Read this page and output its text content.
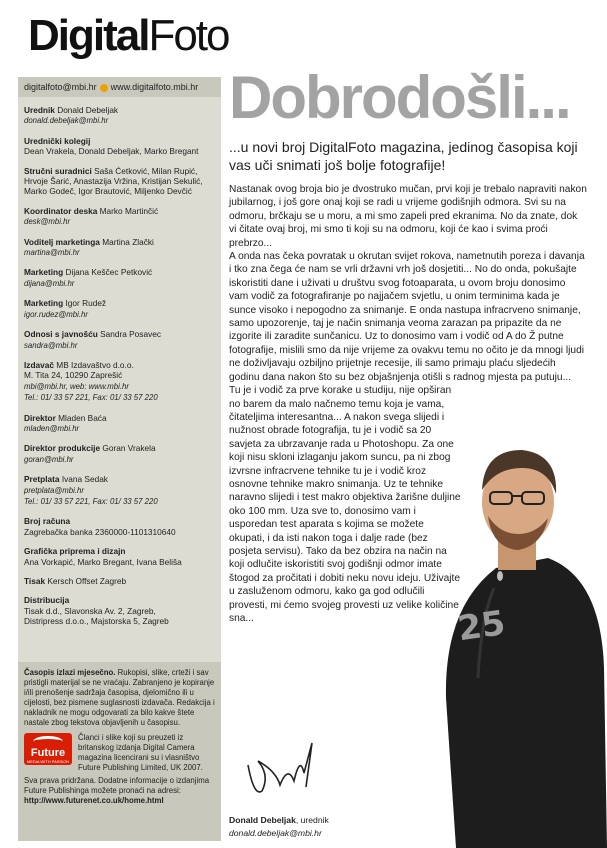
DigitalFoto
digitalfoto@mbi.hr www.digitalfoto.mbi.hr
Urednik Donald Debeljak
donald.debeljak@mbi.hr
Urednički kolegij
Dean Vrakela, Donald Debeljak, Marko Bregant
Stručni suradnici Saša Ćetković, Milan Rupić, Hrvoje Šarić, Anastazija Vržina, Kristijan Sekulić, Marko Godeč, Igor Brautović, Miljenko Devčić
Koordinator deska Marko Martinčić
desk@mbi.hr
Voditelj marketinga Martina Zlački
martina@mbi.hr
Marketing Dijana Keščec Petković
dijana@mbi.hr
Marketing Igor Rudež
igor.rudez@mbi.hr
Odnosi s javnošću Sandra Posavec
sandra@mbi.hr
Izdavač MB Izdavaštvo d.o.o.
M. Tita 24, 10290 Zaprešić
mbi@mbi.hr, web: www.mbi.hr
Tel.: 01/ 33 57 221, Fax: 01/ 33 57 220
Direktor Mladen Baća
mladen@mbi.hr
Direktor produkcije Goran Vrakela
goran@mbi.hr
Pretplata Ivana Sedak
pretplata@mbi.hr
Tel.: 01/ 33 57 221, Fax: 01/ 33 57 220
Broj računa
Zagrebačka banka 2360000-1101310640
Grafička priprema i dizajn
Ana Vorkapić, Marko Bregant, Ivana Beliša
Tisak Kersch Offset Zagreb
Distribucija
Tisak d.d., Slavonska Av. 2, Zagreb,
Distripress d.o.o., Majstorska 5, Zagreb
Časopis izlazi mjesečno. Rukopisi, slike, crteži i sav pristigli materijal se ne vraćaju. Zabranjeno je kopiranje i/ili prenošenje sadržaja časopisa, djelomično ili u cijelosti, bez pismene suglasnosti izdavača. Redakcija i nakladnik ne mogu odgovarati za bilo kakve štete nastale zbog tekstova objavljenih u časopisu.
Future
MEDIA WITH PASSION
Članci i slike koji su preuzeti iz britanskog izdanja Digital Camera magazina licencirani su i vlasništvo Future Publishing Limited, UK 2007.
Sva prava pridržana. Dodatne informacije o izdanjima Future Publishinga možete pronaći na adresi:
http://www.futurenet.co.uk/home.html
Dobrodošli...
...u novi broj DigitalFoto magazina, jedinog časopisa koji vas uči snimati još bolje fotografije!

Nastanak ovog broja bio je dvostruko mučan, prvi koji je trebalo napraviti nakon jubilarnog, i još gore onaj koji se radi u vrijeme godišnjih odmora. Svi su na odmoru, brčkaju se u moru, a mi smo zapeli pred ekranima. No da znate, dok vi čitate ovaj broj, mi smo ti koji su na odmoru, koji će kao i svima proći prebrzo...

A onda nas čeka povratak u okrutan svijet rokova, nametnutih poreza i davanja i tko zna čega će nam se vrli državni vrh još dosjetiti... No do onda, pokušajte iskoristiti dane i uživati u društvu svog fotoaparata, u ovom broju donosimo vam vodič za fotografiranje po najjačem svjetlu, u onim terminima kada je sunce visoko i nepogodno za snimanje. E onda nastupa infracrveno snimanje, samo upozorenje, taj je način snimanja veoma zarazan pa pripazite da ne izgorite ili zaradite sunčanicu. Uz to donosimo vam i vodič od A do Ž putne fotografije, mislili smo da nije vrijeme za ovakvu temu no očito je da mnogi ljudi ne doživljavaju ozbiljno prijetnje recesije, ili samo primaju plaću sljedećih godinu dana nakon što su bez objašnjenja otišli s radnog mjesta pa putuju...

Tu je i vodič za prve korake u studiju, nije opširan no barem da malo načnemo temu koja je vama, čitateljima interesantna... A nakon svega slijedi i nužnost obrade fotografija, tu je i vodič sa 20 savjeta za ubrzavanje rada u Photoshopu. Za one koji nisu skloni izlaganju jakom suncu, pa ni zbog izvrsne infracrvene tehnike tu je i vodič kroz osnovne tehnike makro snimanja. Uz te tehnike naravno slijedi i test makro objektiva žarišne duljine oko 100 mm. Uza sve to, donosimo vam i usporedan test aparata s kojima se možete okupati, i da isti nakon toga i dalje rade (bez posjeta servisu). Tako da bez obzira na način na koji odlučite iskoristiti svoj godišnji odmor imate štogod za pročitati i dobiti neku novu ideju. Uživajte u zasluženom odmoru, kako ga god odlučili provesti, mi ćemo svojeg provesti uz velike količine sna...	25
Donald Debeljak, urednik
donald.debeljak@mbi.hr
